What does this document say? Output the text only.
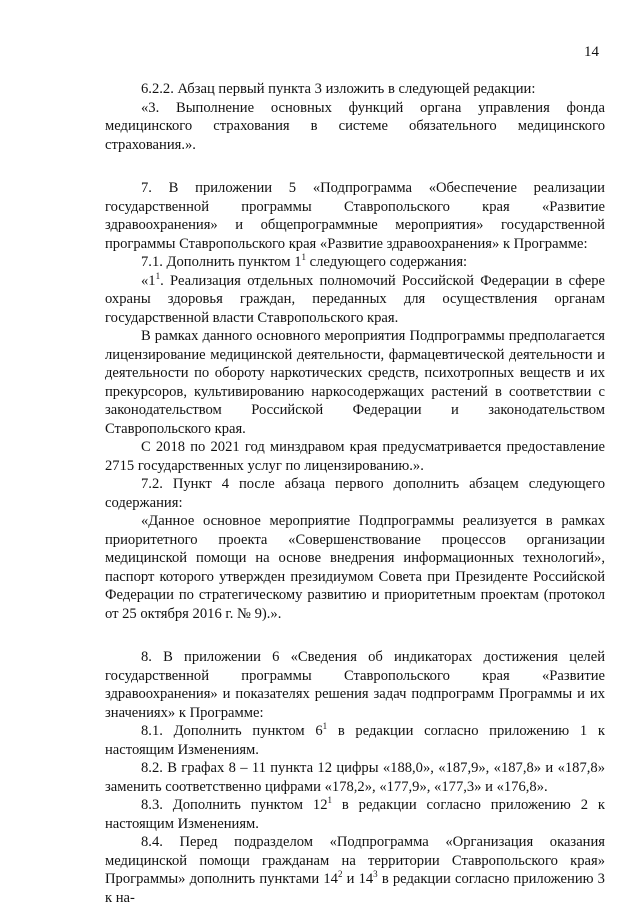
14

6.2.2. Абзац первый пункта 3 изложить в следующей редакции:

«3. Выполнение основных функций органа управления фонда медицинского страхования в системе обязательного медицинского страхования.».

7. В приложении 5 «Подпрограмма «Обеспечение реализации государственной программы Ставропольского края «Развитие здравоохранения» и общепрограммные мероприятия» государственной программы Ставропольского края «Развитие здравоохранения» к Программе:

7.1. Дополнить пунктом $1^1$ следующего содержания:

«$1^1$. Реализация отдельных полномочий Российской Федерации в сфере охраны здоровья граждан, переданных для осуществления органам государственной власти Ставропольского края.

В рамках данного основного мероприятия Подпрограммы предполагается лицензирование медицинской деятельности, фармацевтической деятельности и деятельности по обороту наркотических средств, психотропных веществ и их прекурсоров, культивированию наркосодержащих растений в соответствии с законодательством Российской Федерации и законодательством Ставропольского края.

С 2018 по 2021 год минздравом края предусматривается предоставление 2715 государственных услуг по лицензированию.».

7.2. Пункт 4 после абзаца первого дополнить абзацем следующего содержания:

«Данное основное мероприятие Подпрограммы реализуется в рамках приоритетного проекта «Совершенствование процессов организации медицинской помощи на основе внедрения информационных технологий», паспорт которого утвержден президиумом Совета при Президенте Российской Федерации по стратегическому развитию и приоритетным проектам (протокол от 25 октября 2016 г. № 9).».

8. В приложении 6 «Сведения об индикаторах достижения целей государственной программы Ставропольского края «Развитие здравоохранения» и показателях решения задач подпрограмм Программы и их значениях» к Программе:

8.1. Дополнить пунктом $6^1$ в редакции согласно приложению 1 к настоящим Изменениям.

8.2. В графах 8 – 11 пункта 12 цифры «188,0», «187,9», «187,8» и «187,8» заменить соответственно цифрами «178,2», «177,9», «177,3» и «176,8».

8.3. Дополнить пунктом $12^1$ в редакции согласно приложению 2 к настоящим Изменениям.

8.4. Перед подразделом «Подпрограмма «Организация оказания медицинской помощи гражданам на территории Ставропольского края» Программы» дополнить пунктами $14^2$ и $14^3$ в редакции согласно приложению 3 к на-
